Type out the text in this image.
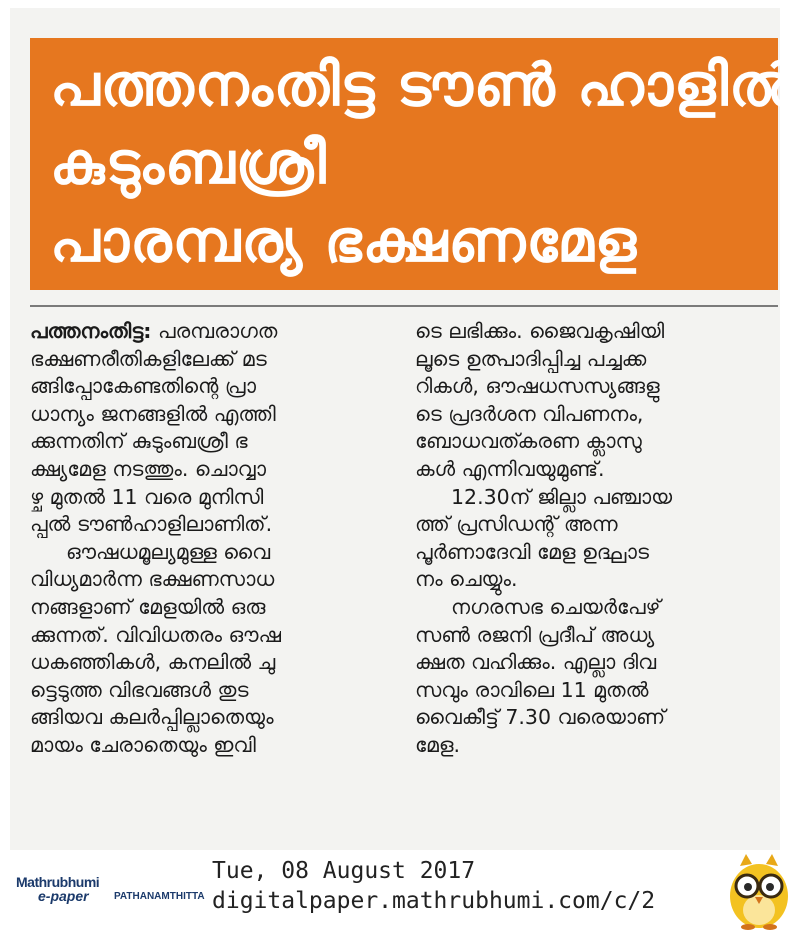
പത്തനംതിട്ട ടൗൺ ഹാളിൽ
കുടുംബശ്രീ
പാരമ്പര്യ ഭക്ഷണമേള
പത്തനംതിട്ട: പരമ്പരാഗത
ഭക്ഷണരീതികളിലേക്ക് മട
ങ്ങിപ്പോകേണ്ടതിന്റെ പ്രാ
ധാന്യം ജനങ്ങളിൽ എത്തി
ക്കുന്നതിന് കുടുംബശ്രീ ഭ
ക്ഷ്യമേള നടത്തും. ചൊവ്വാ
ഴ്ച മുതൽ 11 വരെ മുനിസി
പ്പൽ ടൗൺഹാളിലാണിത്.
ഔഷധമൂല്യമുള്ള വൈ
വിധ്യമാർന്ന ഭക്ഷണസാധ
നങ്ങളാണ് മേളയിൽ ഒരു
ക്കുന്നത്. വിവിധതരം ഔഷ
ധകഞ്ഞികൾ, കനലിൽ ചു
ട്ടെടുത്ത വിഭവങ്ങൾ തുട
ങ്ങിയവ കലർപ്പില്ലാതെയും
മായം ചേരാതെയും ഇവി
ടെ ലഭിക്കും. ജൈവകൃഷിയി
ലൂടെ ഉത്പാദിപ്പിച്ച പച്ചക്ക
റികൾ, ഔഷധസസ്യങ്ങളു
ടെ പ്രദർശന വിപണനം,
ബോധവത്കരണ ക്ലാസു
കൾ എന്നിവയുമുണ്ട്.
12.30ന് ജില്ലാ പഞ്ചായ
ത്ത് പ്രസിഡന്റ് അന്ന
പൂർണാദേവി മേള ഉദ്ഘാട
നം ചെയ്യും.
നഗരസഭ ചെയർപേഴ്
സൺ രജനി പ്രദീപ് അധ്യ
ക്ഷത വഹിക്കും. എല്ലാ ദിവ
സവും രാവിലെ 11 മുതൽ
വൈകീട്ട് 7.30 വരെയാണ്
മേള.
Mathrubhumi
e-paper	PATHANAMTHITTA
Tue, 08 August 2017
digitalpaper.mathrubhumi.com/c/2
